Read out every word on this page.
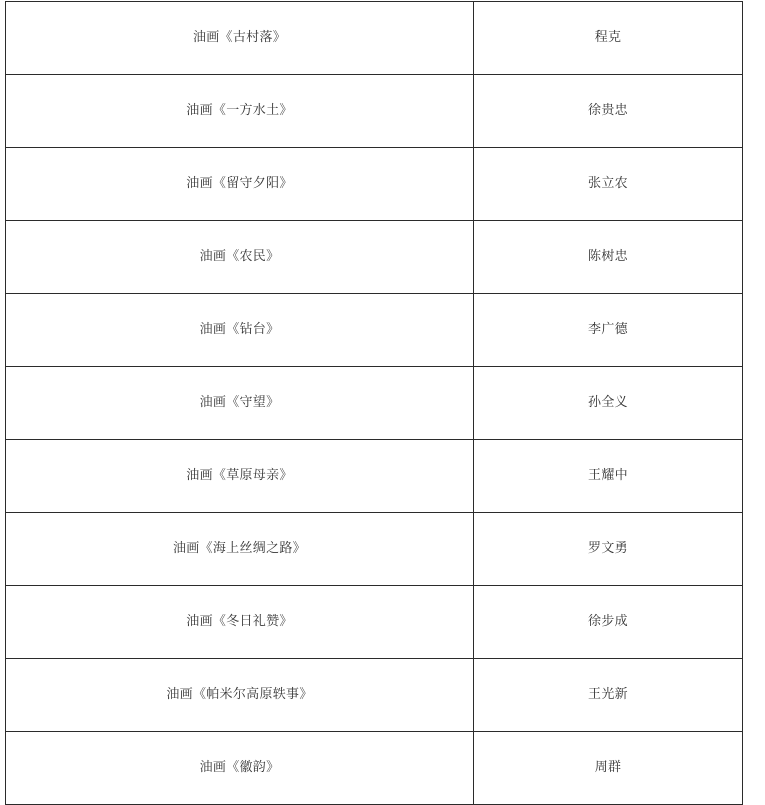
油画《古村落》	程克
油画《一方水土》	徐贵忠
油画《留守夕阳》	张立农
油画《农民》	陈树忠
油画《钻台》	李广德
油画《守望》	孙全义
油画《草原母亲》	王耀中
油画《海上丝绸之路》	罗文勇
油画《冬日礼赞》	徐步成
油画《帕米尔高原轶事》	王光新
油画《徽韵》	周群
